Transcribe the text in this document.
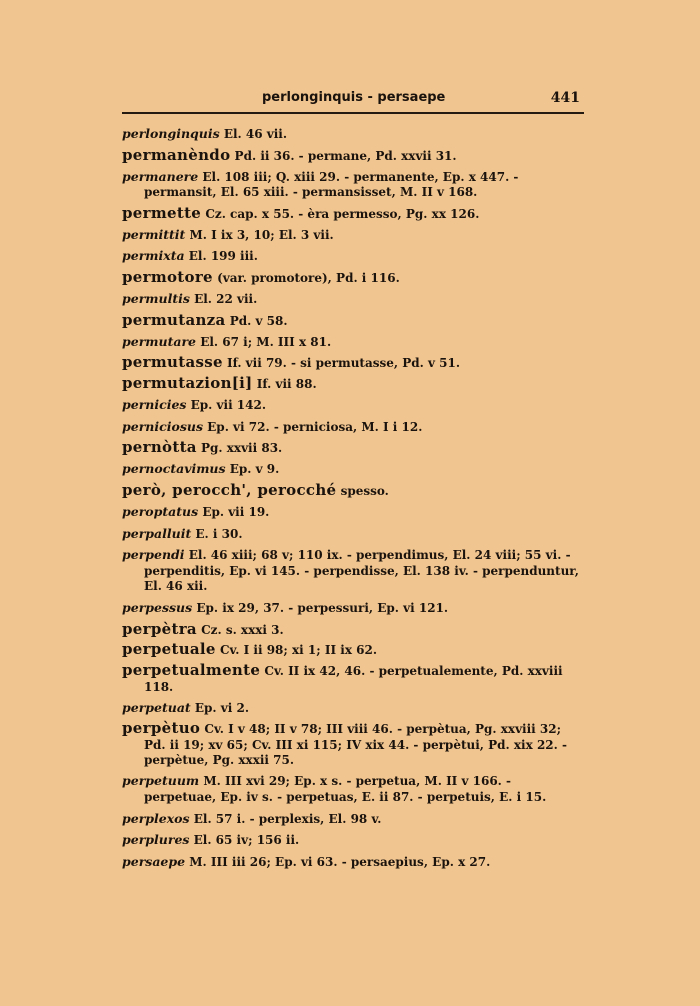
perlonginquis - persaepe	441
perlonginquis El. 46 vii.
permanèndo Pd. ii 36. - permane, Pd. xxvii 31.
permanere El. 108 iii; Q. xiii 29. - permanente, Ep. x 447. - permansit, El. 65 xiii. - permansisset, M. II v 168.
permette Cz. cap. x 55. - èra permesso, Pg. xx 126.
permittit M. I ix 3, 10; El. 3 vii.
permixta El. 199 iii.
permotore (var. promotore), Pd. i 116.
permultis El. 22 vii.
permutanza Pd. v 58.
permutare El. 67 i; M. III x 81.
permutasse If. vii 79. - si permutasse, Pd. v 51.
permutazion[i] If. vii 88.
pernicies Ep. vii 142.
perniciosus Ep. vi 72. - perniciosa, M. I i 12.
pernòtta Pg. xxvii 83.
pernoctavimus Ep. v 9.
però, perocch', perocché spesso.
peroptatus Ep. vii 19.
perpalluit E. i 30.
perpendi El. 46 xiii; 68 v; 110 ix. - perpendimus, El. 24 viii; 55 vi. - perpenditis, Ep. vi 145. - perpendisse, El. 138 iv. - perpenduntur, El. 46 xii.
perpessus Ep. ix 29, 37. - perpessuri, Ep. vi 121.
perpètra Cz. s. xxxi 3.
perpetuale Cv. I ii 98; xi 1; II ix 62.
perpetualmente Cv. II ix 42, 46. - perpetualemente, Pd. xxviii 118.
perpetuat Ep. vi 2.
perpètuo Cv. I v 48; II v 78; III viii 46. - perpètua, Pg. xxviii 32; Pd. ii 19; xv 65; Cv. III xi 115; IV xix 44. - perpètui, Pd. xix 22. - perpètue, Pg. xxxii 75.
perpetuum M. III xvi 29; Ep. x s. - perpetua, M. II v 166. - perpetuae, Ep. iv s. - perpetuas, E. ii 87. - perpetuis, E. i 15.
perplexos El. 57 i. - perplexis, El. 98 v.
perplures El. 65 iv; 156 ii.
persaepe M. III iii 26; Ep. vi 63. - persaepius, Ep. x 27.
